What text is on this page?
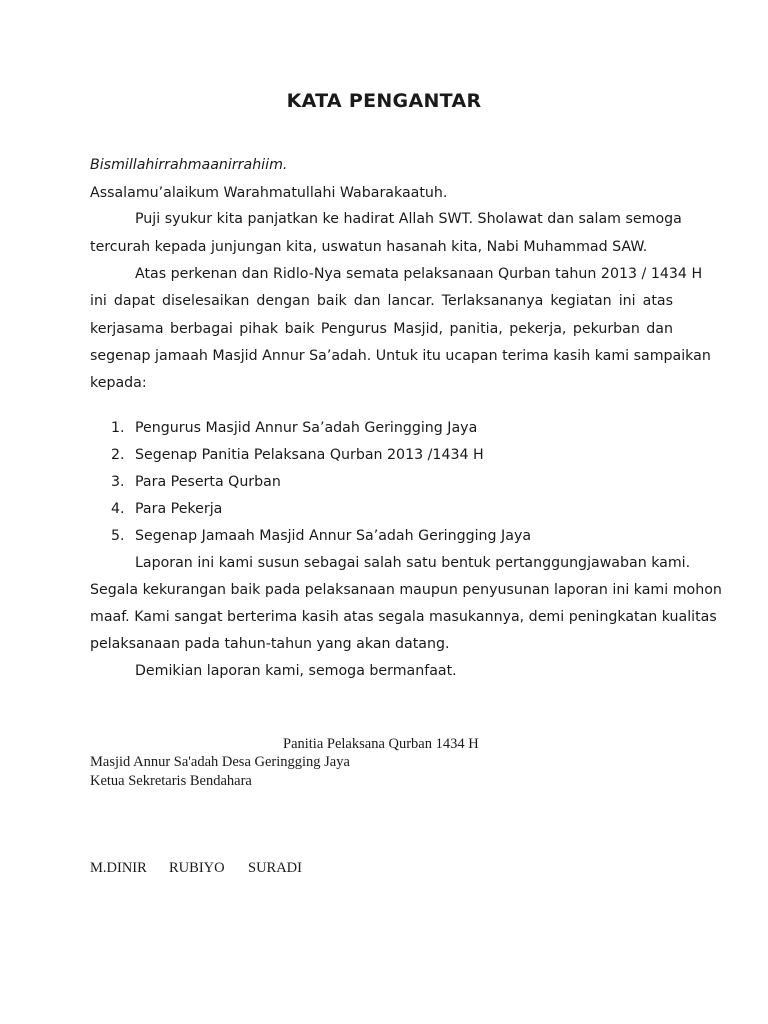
KATA PENGANTAR
Bismillahirrahmaanirrahiim.
Assalamu’alaikum Warahmatullahi Wabarakaatuh.
Puji syukur kita panjatkan ke hadirat Allah SWT. Sholawat dan salam semoga
tercurah kepada junjungan kita, uswatun hasanah kita, Nabi Muhammad SAW.
Atas perkenan dan Ridlo-Nya semata pelaksanaan Qurban tahun 2013 / 1434 H
ini dapat diselesaikan dengan baik dan lancar. Terlaksananya kegiatan ini atas
kerjasama berbagai pihak baik Pengurus Masjid, panitia, pekerja, pekurban dan
segenap jamaah Masjid Annur Sa’adah. Untuk itu ucapan terima kasih kami sampaikan
kepada:
1. Pengurus Masjid Annur Sa’adah Geringging Jaya
2. Segenap Panitia Pelaksana Qurban 2013 /1434 H
3. Para Peserta Qurban
4. Para Pekerja
5. Segenap Jamaah Masjid Annur Sa’adah Geringging Jaya
Laporan ini kami susun sebagai salah satu bentuk pertanggungjawaban kami.
Segala kekurangan baik pada pelaksanaan maupun penyusunan laporan ini kami mohon
maaf. Kami sangat berterima kasih atas segala masukannya, demi peningkatan kualitas
pelaksanaan pada tahun-tahun yang akan datang.
Demikian laporan kami, semoga bermanfaat.
Panitia Pelaksana Qurban 1434 H
Masjid Annur Sa'adah Desa Geringging Jaya
Ketua Sekretaris Bendahara
M.DINIR RUBIYO SURADI
